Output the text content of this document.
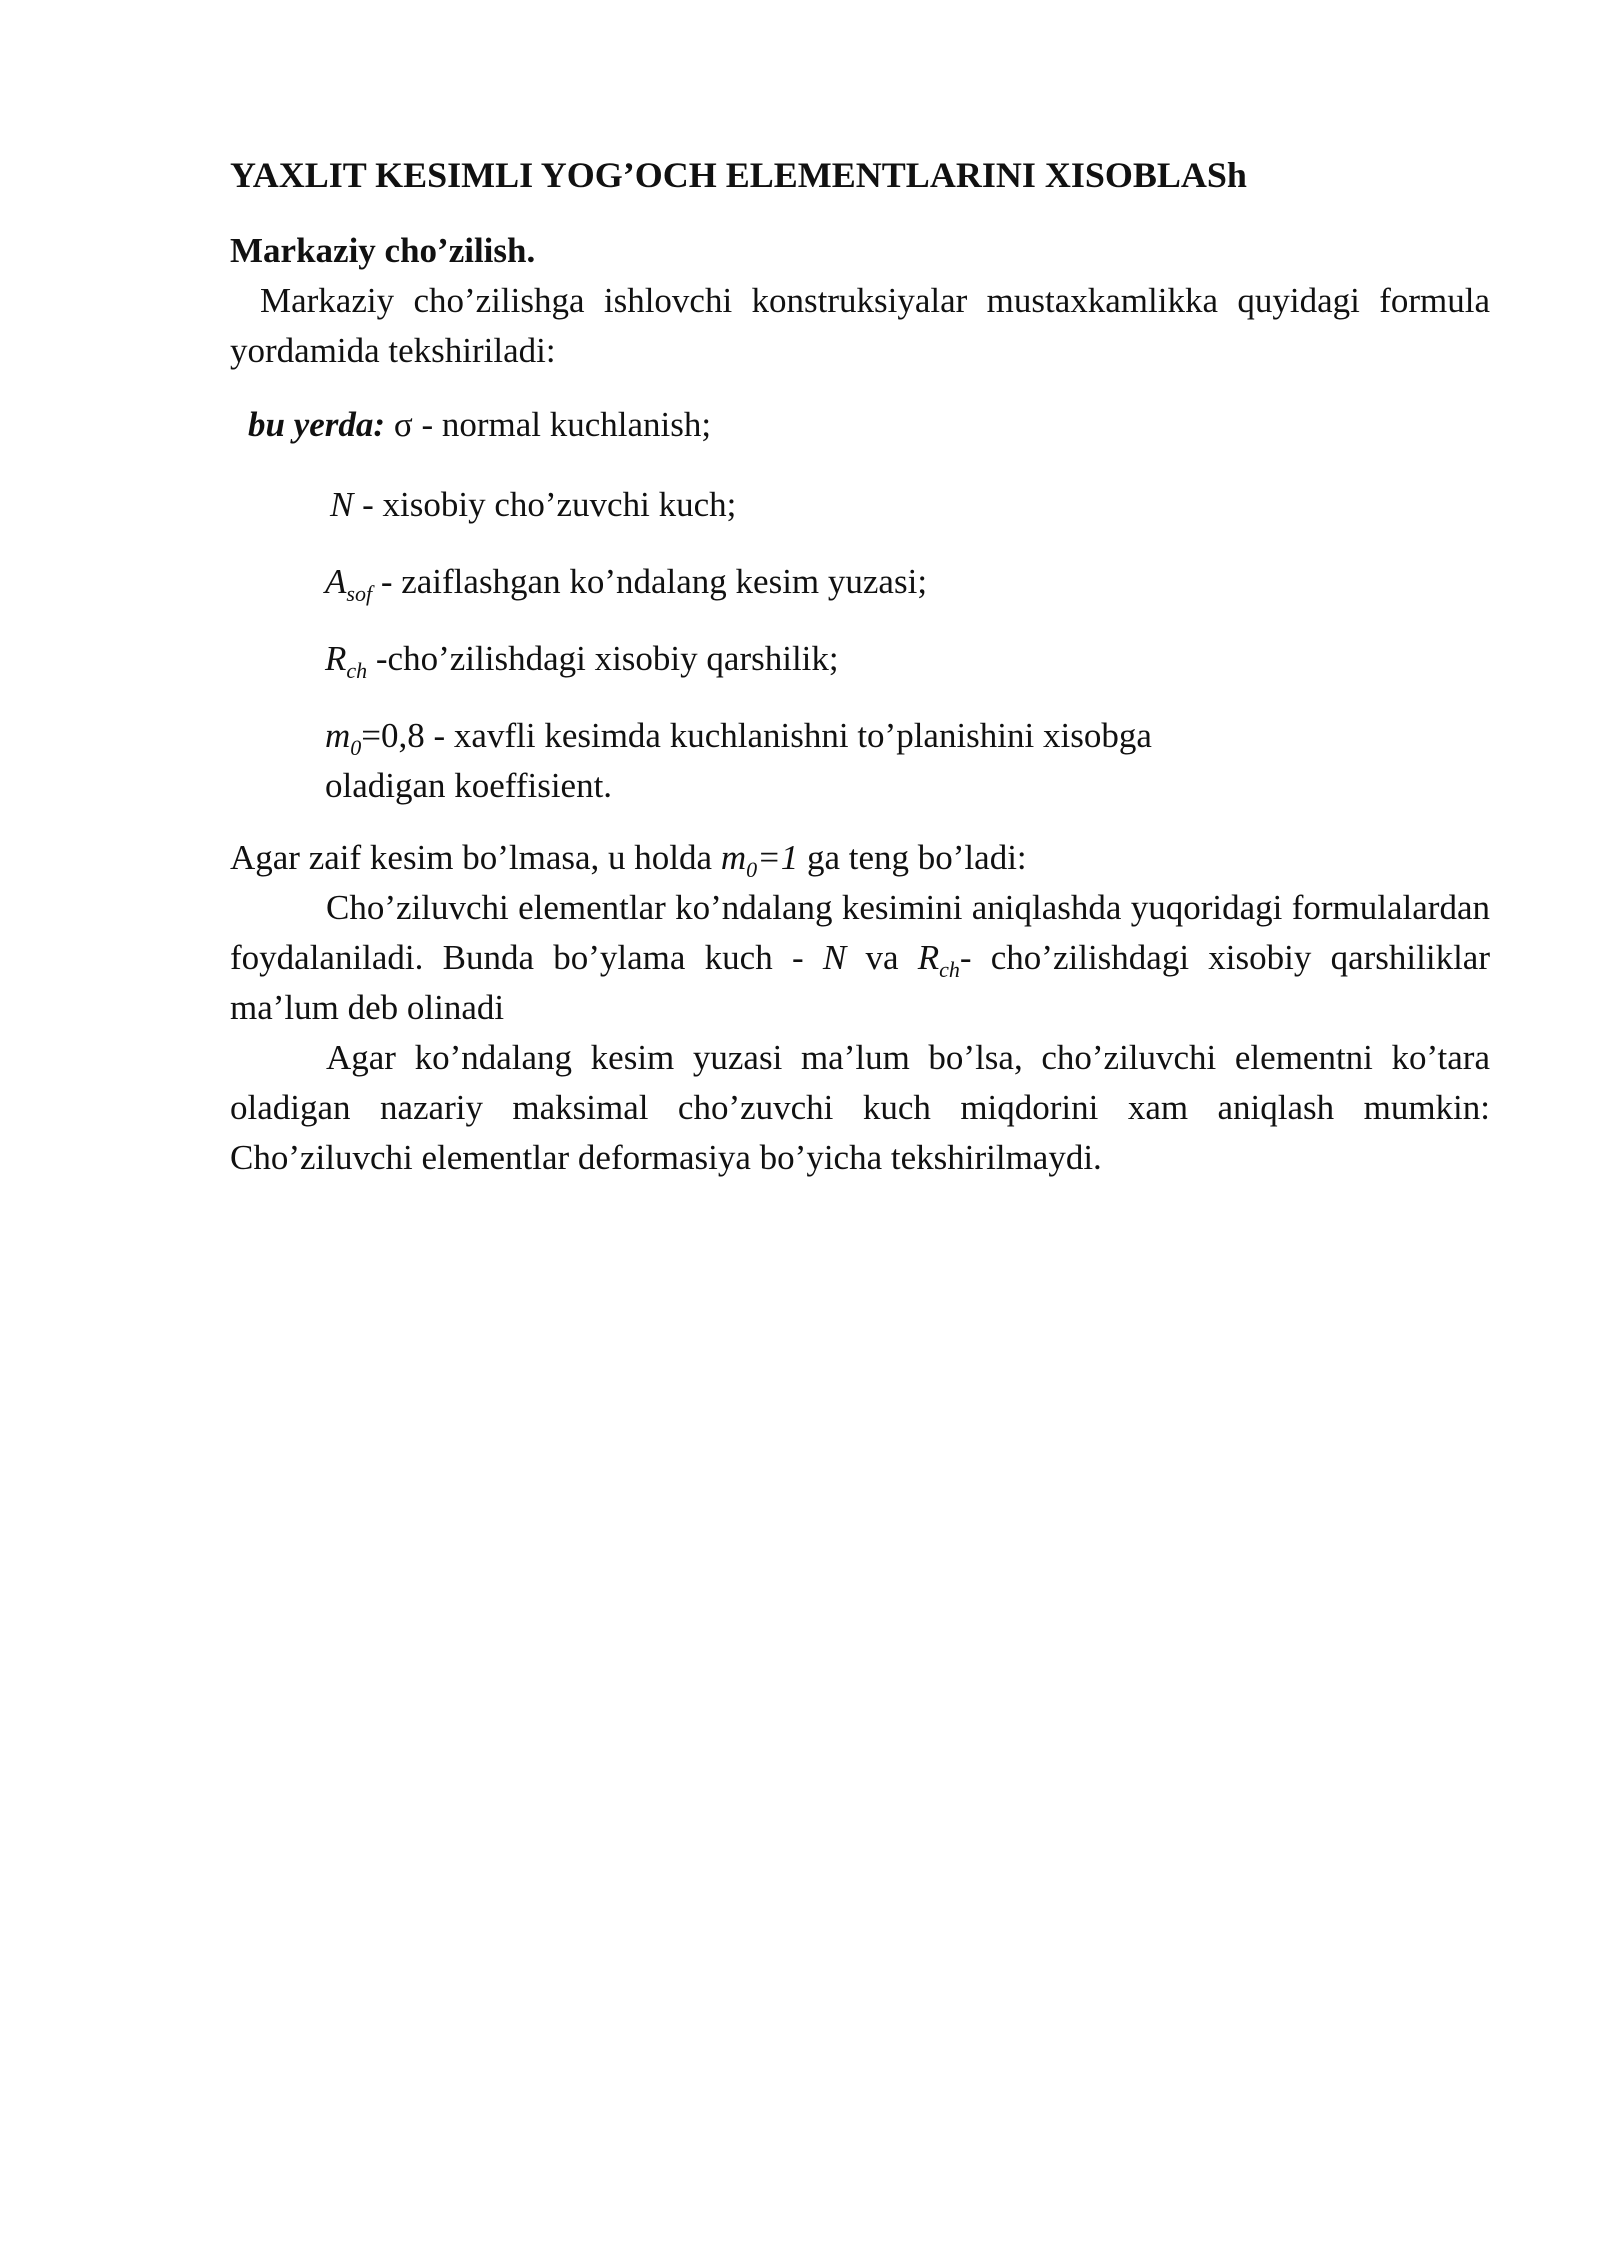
YAXLIT KESIMLI YOG’OCH ELEMENTLARINI XISOBLASh
Markaziy cho’zilish.

Markaziy cho’zilishga ishlovchi konstruksiyalar mustaxkamlikka quyidagi formula yordamida tekshiriladi:

bu yerda: σ - normal kuchlanish;
N - xisobiy cho’zuvchi kuch;
$A_{sof}$ - zaiflashgan ko’ndalang kesim yuzasi;
$R_{ch}$ -cho’zilishdagi xisobiy qarshilik;
$m_0=0,8$ - xavfli kesimda kuchlanishni to’planishini xisobga
oladigan koeffisient.

Agar zaif kesim bo’lmasa, u holda $m_0=1$ ga teng bo’ladi:

Cho’ziluvchi elementlar ko’ndalang kesimini aniqlashda yuqoridagi formulalardan foydalaniladi. Bunda bo’ylama kuch - N va $R_{ch}-$ cho’zilishdagi xisobiy qarshiliklar ma’lum deb olinadi

Agar ko’ndalang kesim yuzasi ma’lum bo’lsa, cho’ziluvchi elementni ko’tara oladigan nazariy maksimal cho’zuvchi kuch miqdorini xam aniqlash mumkin: Cho’ziluvchi elementlar deformasiya bo’yicha tekshirilmaydi.
